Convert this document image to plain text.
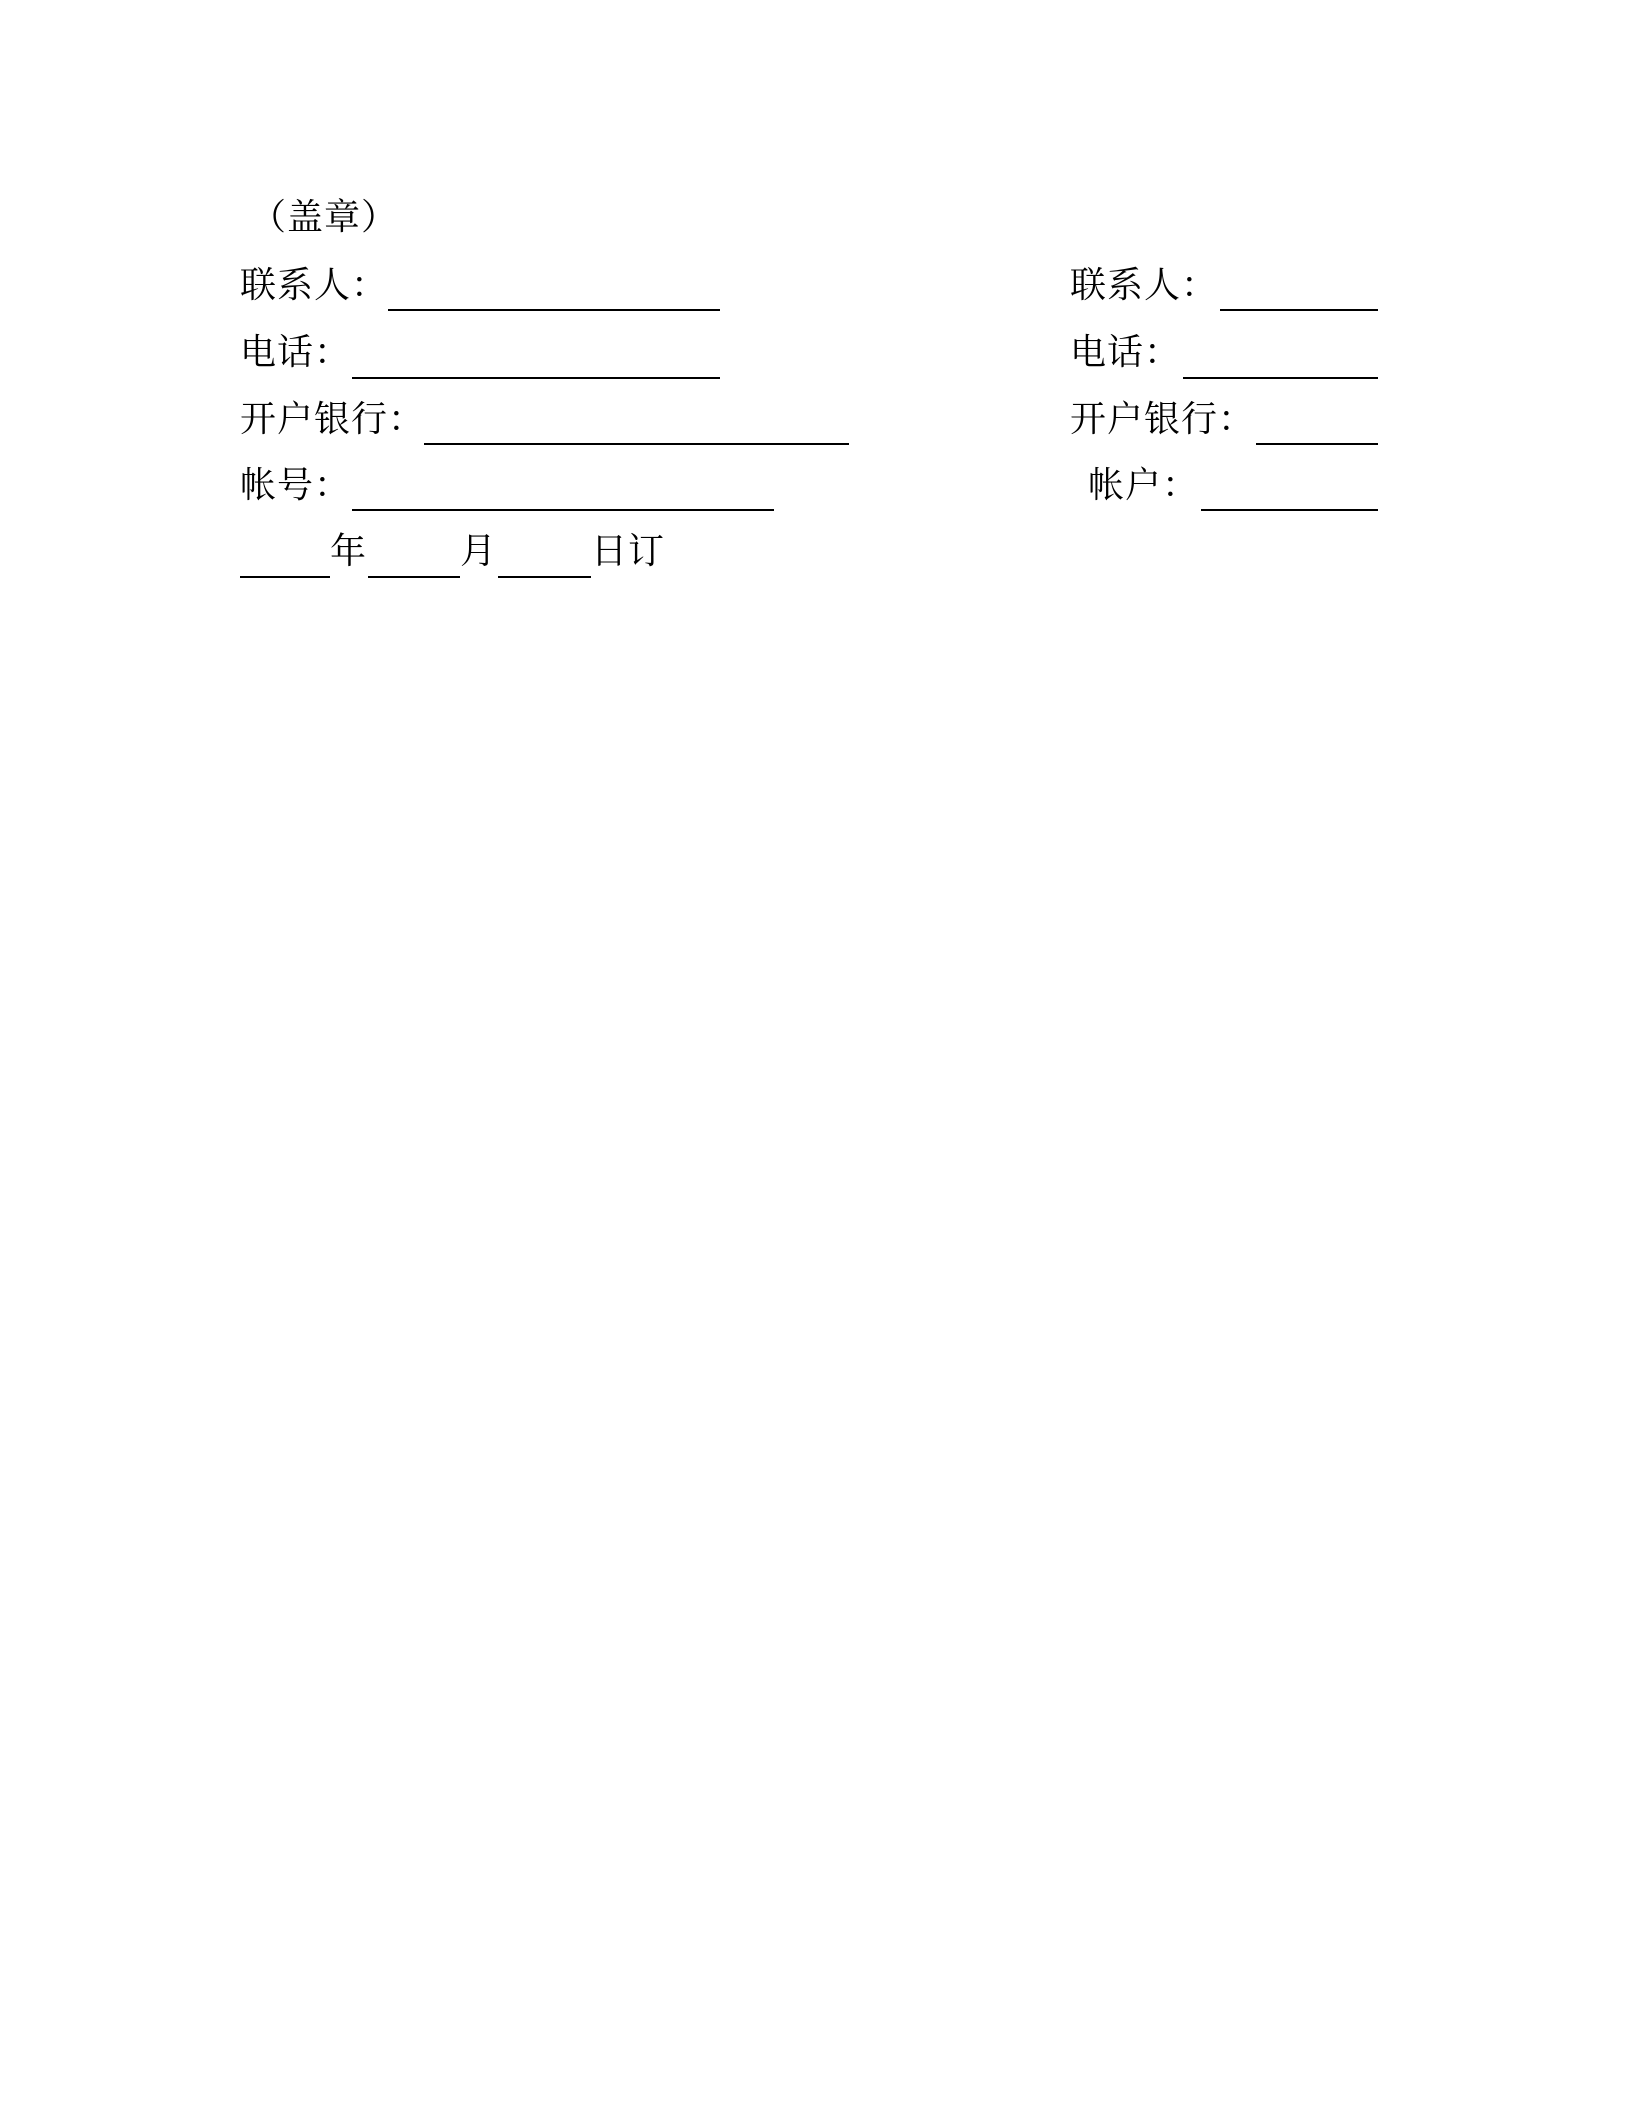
（盖章）
联系人：
电话：
开户银行：
帐号：
年	月	日订
联系人：
电话：
开户银行：
帐户：
